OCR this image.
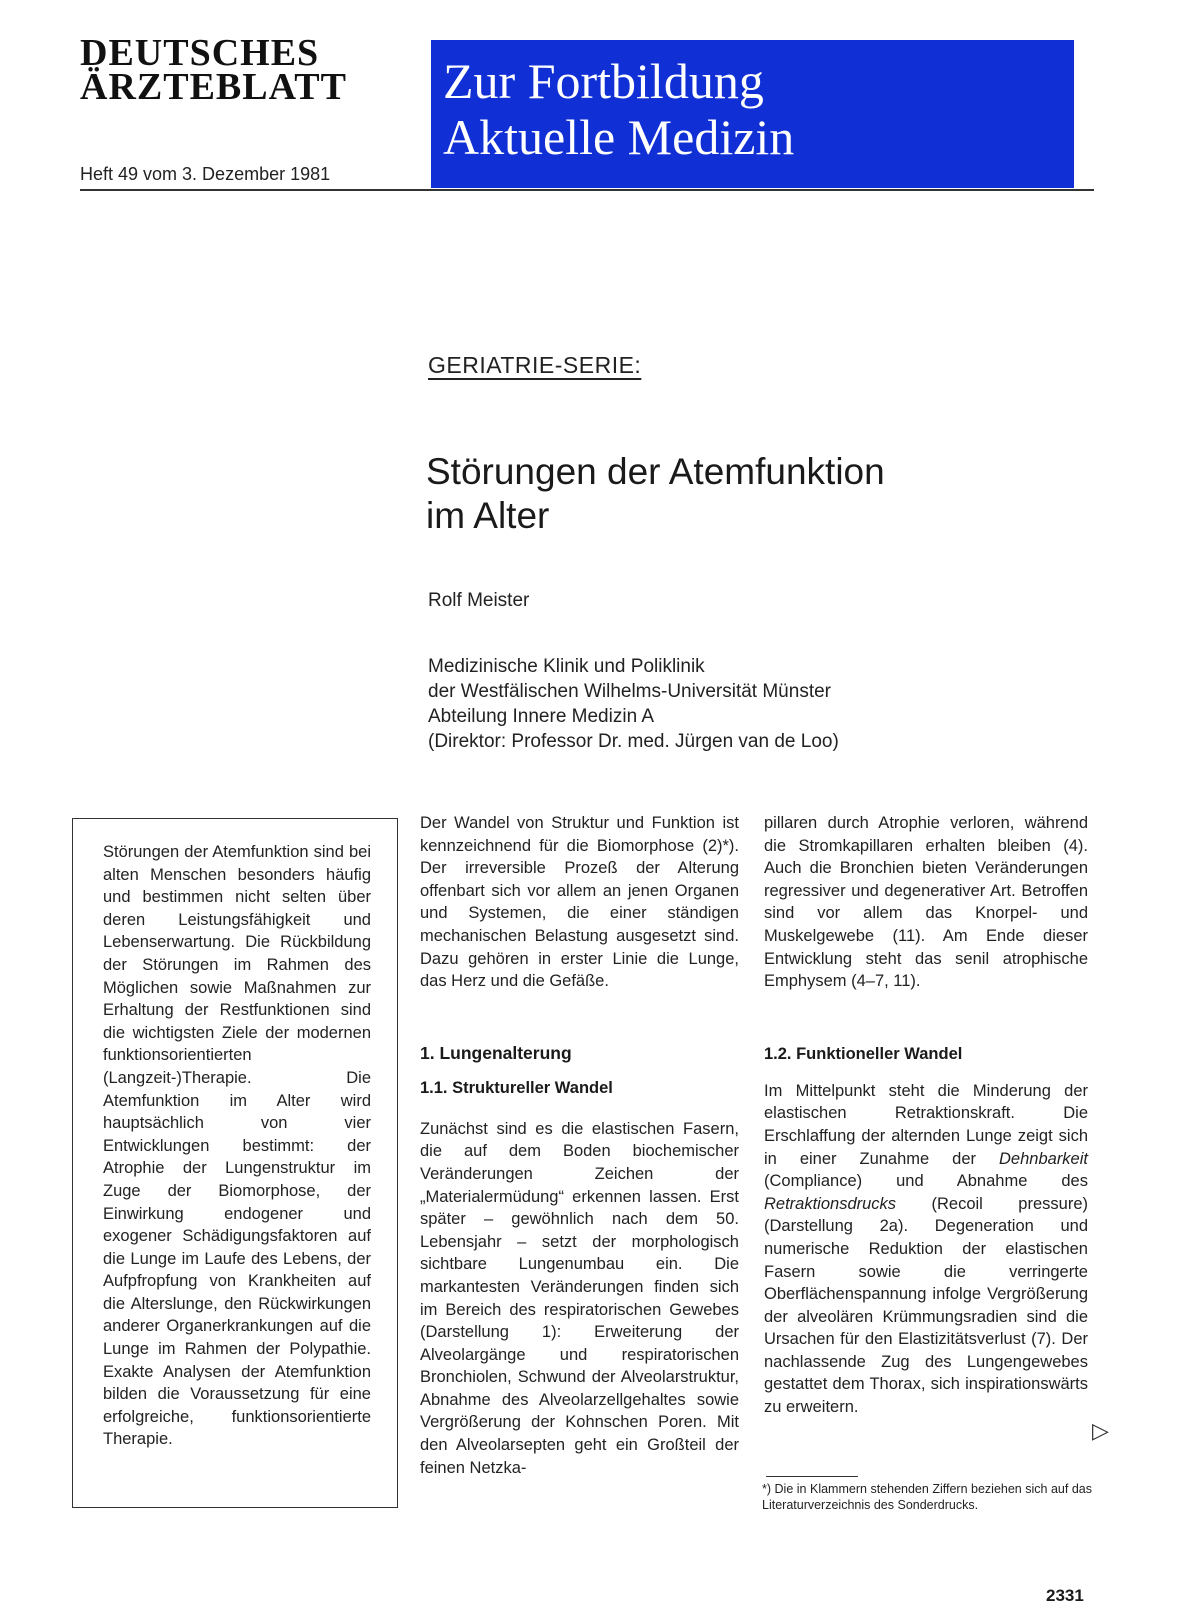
DEUTSCHES
ÄRZTEBLATT
Heft 49 vom 3. Dezember 1981
Zur Fortbildung
Aktuelle Medizin
GERIATRIE-SERIE:
Störungen der Atemfunktion
im Alter
Rolf Meister
Medizinische Klinik und Poliklinik
der Westfälischen Wilhelms-Universität Münster
Abteilung Innere Medizin A
(Direktor: Professor Dr. med. Jürgen van de Loo)

Störungen der Atemfunktion sind bei alten Menschen besonders häufig und bestimmen nicht selten über deren Leistungsfähigkeit und Lebenserwartung. Die Rückbildung der Störungen im Rahmen des Möglichen sowie Maßnahmen zur Erhaltung der Restfunktionen sind die wichtigsten Ziele der modernen funktionsorientierten (Langzeit-)Therapie. Die Atemfunktion im Alter wird hauptsächlich von vier Entwicklungen bestimmt: der Atrophie der Lungenstruktur im Zuge der Biomorphose, der Einwirkung endogener und exogener Schädigungsfaktoren auf die Lunge im Laufe des Lebens, der Aufpfropfung von Krankheiten auf die Alterslunge, den Rückwirkungen anderer Organerkrankungen auf die Lunge im Rahmen der Polypathie. Exakte Analysen der Atemfunktion bilden die Voraussetzung für eine erfolgreiche, funktionsorientierte Therapie.

Der Wandel von Struktur und Funktion ist kennzeichnend für die Biomorphose (2)*). Der irreversible Prozeß der Alterung offenbart sich vor allem an jenen Organen und Systemen, die einer ständigen mechanischen Belastung ausgesetzt sind. Dazu gehören in erster Linie die Lunge, das Herz und die Gefäße.

1. Lungenalterung
1.1. Struktureller Wandel

Zunächst sind es die elastischen Fasern, die auf dem Boden biochemischer Veränderungen Zeichen der „Materialermüdung“ erkennen lassen. Erst später – gewöhnlich nach dem 50. Lebensjahr – setzt der morphologisch sichtbare Lungenumbau ein. Die markantesten Veränderungen finden sich im Bereich des respiratorischen Gewebes (Darstellung 1): Erweiterung der Alveolargänge und respiratorischen Bronchiolen, Schwund der Alveolarstruktur, Abnahme des Alveolarzellgehaltes sowie Vergrößerung der Kohnschen Poren. Mit den Alveolarsepten geht ein Großteil der feinen Netzka-

pillaren durch Atrophie verloren, während die Stromkapillaren erhalten bleiben (4). Auch die Bronchien bieten Veränderungen regressiver und degenerativer Art. Betroffen sind vor allem das Knorpel- und Muskelgewebe (11). Am Ende dieser Entwicklung steht das senil atrophische Emphysem (4–7, 11).

1.2. Funktioneller Wandel

Im Mittelpunkt steht die Minderung der elastischen Retraktionskraft. Die Erschlaffung der alternden Lunge zeigt sich in einer Zunahme der Dehnbarkeit (Compliance) und Abnahme des Retraktionsdrucks (Recoil pressure) (Darstellung 2a). Degeneration und numerische Reduktion der elastischen Fasern sowie die verringerte Oberflächenspannung infolge Vergrößerung der alveolären Krümmungsradien sind die Ursachen für den Elastizitätsverlust (7). Der nachlassende Zug des Lungengewebes gestattet dem Thorax, sich inspirationswärts zu erweitern.

▷

*) Die in Klammern stehenden Ziffern beziehen sich auf das Literaturverzeichnis des Sonderdrucks.

2331
